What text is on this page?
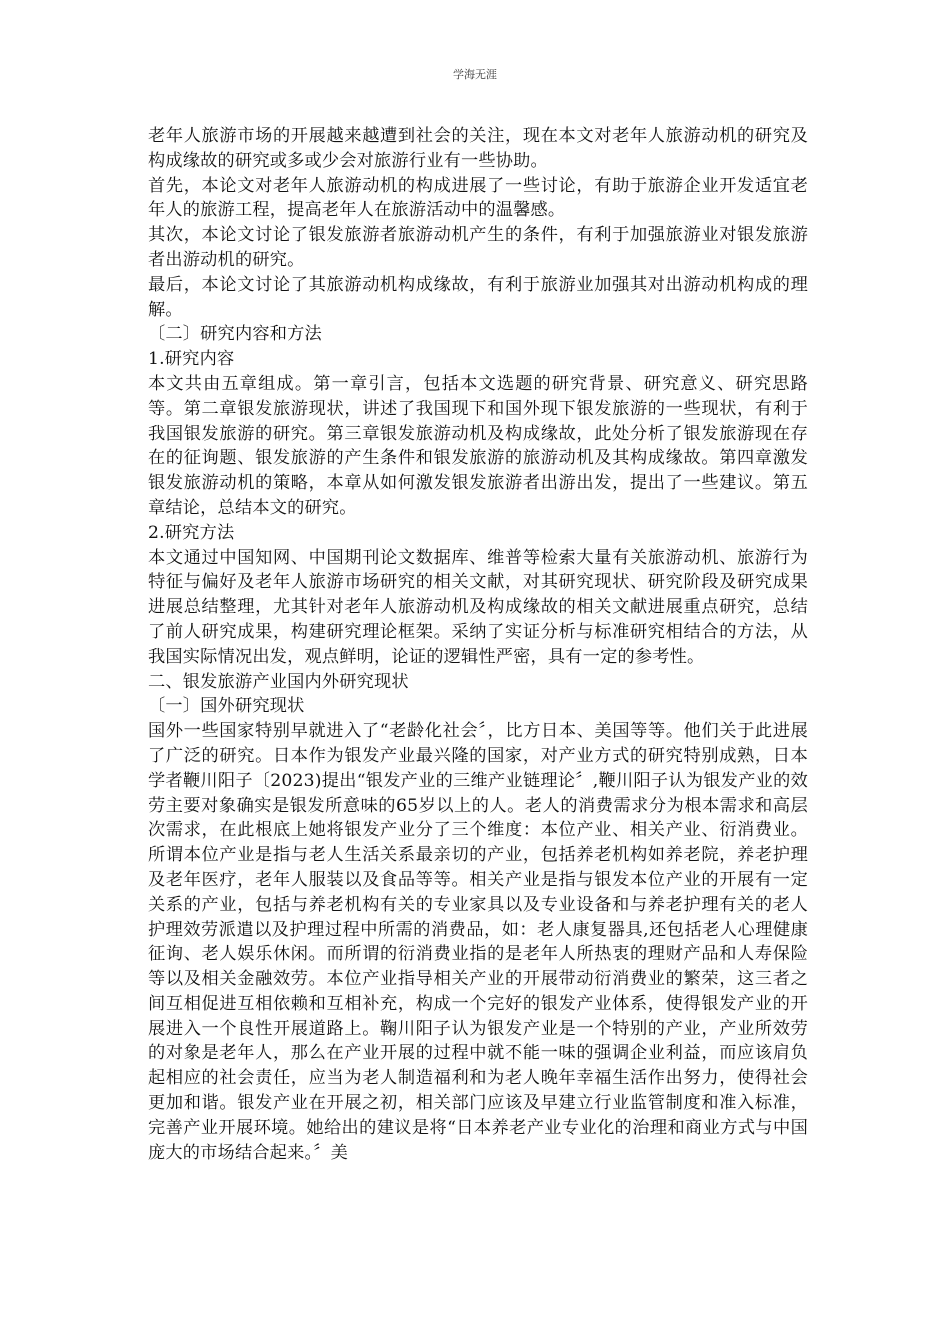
学海无涯

老年人旅游市场的开展越来越遭到社会的关注，现在本文对老年人旅游动机的研究及构成缘故的研究或多或少会对旅游行业有一些协助。

首先，本论文对老年人旅游动机的构成进展了一些讨论，有助于旅游企业开发适宜老年人的旅游工程，提高老年人在旅游活动中的温馨感。

其次，本论文讨论了银发旅游者旅游动机产生的条件，有利于加强旅游业对银发旅游者出游动机的研究。

最后，本论文讨论了其旅游动机构成缘故，有利于旅游业加强其对出游动机构成的理解。

〔二〕研究内容和方法

1.研究内容

本文共由五章组成。第一章引言，包括本文选题的研究背景、研究意义、研究思路等。第二章银发旅游现状，讲述了我国现下和国外现下银发旅游的一些现状，有利于我国银发旅游的研究。第三章银发旅游动机及构成缘故，此处分析了银发旅游现在存在的征询题、银发旅游的产生条件和银发旅游的旅游动机及其构成缘故。第四章激发银发旅游动机的策略，本章从如何激发银发旅游者出游出发，提出了一些建议。第五章结论，总结本文的研究。

2.研究方法

本文通过中国知网、中国期刊论文数据库、维普等检索大量有关旅游动机、旅游行为特征与偏好及老年人旅游市场研究的相关文献，对其研究现状、研究阶段及研究成果进展总结整理，尤其针对老年人旅游动机及构成缘故的相关文献进展重点研究，总结了前人研究成果，构建研究理论框架。采纳了实证分析与标准研究相结合的方法，从我国实际情况出发，观点鲜明，论证的逻辑性严密，具有一定的参考性。

二、银发旅游产业国内外研究现状

〔一〕国外研究现状

国外一些国家特别早就进入了“老龄化社会〞，比方日本、美国等等。他们关于此进展了广泛的研究。日本作为银发产业最兴隆的国家，对产业方式的研究特别成熟，日本学者鞭川阳子〔2023)提出“银发产业的三维产业链理论〞,鞭川阳子认为银发产业的效劳主要对象确实是银发所意味的65岁以上的人。老人的消费需求分为根本需求和高层次需求，在此根底上她将银发产业分了三个维度：本位产业、相关产业、衍消费业。所谓本位产业是指与老人生活关系最亲切的产业，包括养老机构如养老院，养老护理及老年医疗，老年人服装以及食品等等。相关产业是指与银发本位产业的开展有一定关系的产业，包括与养老机构有关的专业家具以及专业设备和与养老护理有关的老人护理效劳派遣以及护理过程中所需的消费品，如：老人康复器具,还包括老人心理健康征询、老人娱乐休闲。而所谓的衍消费业指的是老年人所热衷的理财产品和人寿保险等以及相关金融效劳。本位产业指导相关产业的开展带动衍消费业的繁荣，这三者之间互相促进互相依赖和互相补充，构成一个完好的银发产业体系，使得银发产业的开展进入一个良性开展道路上。鞠川阳子认为银发产业是一个特别的产业，产业所效劳的对象是老年人，那么在产业开展的过程中就不能一味的强调企业利益，而应该肩负起相应的社会责任，应当为老人制造福利和为老人晚年幸福生活作出努力，使得社会更加和谐。银发产业在开展之初，相关部门应该及早建立行业监管制度和准入标准，完善产业开展环境。她给出的建议是将“日本养老产业专业化的治理和商业方式与中国庞大的市场结合起来。〞美
